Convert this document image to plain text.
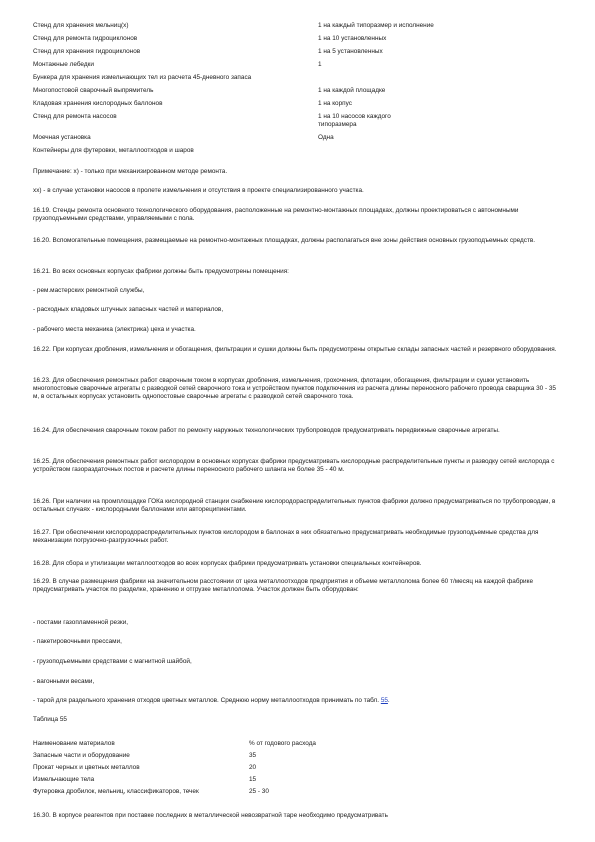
Стенд для хранения мельниц(х)	1 на каждый типоразмер и исполнение
Стенд для ремонта гидроциклонов	1 на 10 установленных
Стенд для хранения гидроциклонов	1 на 5 установленных
Монтажные лебедки	1
Бункера для хранения измельчающих тел из расчета 45-дневного запаса
Многопостовой сварочный выпрямитель	1 на каждой площадке
Кладовая хранения кислородных баллонов	1 на корпус
Стенд для ремонта насосов	1 на 10 насосов каждого типоразмера
Моечная установка	Одна
Контейнеры для футеровки, металлоотходов и шаров

Примечание: х) - только при механизированном методе ремонта.

хх) - в случае установки насосов в пролете измельчения и отсутствия в проекте специализированного участка.

16.19. Стенды ремонта основного технологического оборудования, расположенные на ремонтно-монтажных площадках, должны проектироваться с автономными грузоподъемными средствами, управляемыми с пола.

16.20. Вспомогательные помещения, размещаемые на ремонтно-монтажных площадках, должны располагаться вне зоны действия основных грузоподъемных средств.

16.21. Во всех основных корпусах фабрики должны быть предусмотрены помещения:

- рем.мастерских ремонтной службы,

- расходных кладовых штучных запасных частей и материалов,

- рабочего места механика (электрика) цеха и участка.

16.22. При корпусах дробления, измельчения и обогащения, фильтрации и сушки должны быть предусмотрены открытые склады запасных частей и резервного оборудования.

16.23. Для обеспечения ремонтных работ сварочным током в корпусах дробления, измельчения, грохочения, флотации, обогащения, фильтрации и сушки установить многопостовые сварочные агрегаты с разводкой сетей сварочного тока и устройством пунктов подключения из расчета длины переносного рабочего провода сварщика 30 - 35 м, в остальных корпусах установить однопостовые сварочные агрегаты с разводкой сетей сварочного тока.

16.24. Для обеспечения сварочным током работ по ремонту наружных технологических трубопроводов предусматривать передвижные сварочные агрегаты.

16.25. Для обеспечения ремонтных работ кислородом в основных корпусах фабрики предусматривать кислородные распределительные пункты и разводку сетей кислорода с устройством газораздаточных постов и расчете длины переносного рабочего шланга не более 35 - 40 м.

16.26. При наличии на промплощадке ГОКа кислородной станции снабжение кислородораспределительных пунктов фабрики должно предусматриваться по трубопроводам, в остальных случаях - кислородными баллонами или автореципиентами.

16.27. При обеспечении кислородораспределительных пунктов кислородом в баллонах в них обязательно предусматривать необходимые грузоподъемные средства для механизации погрузочно-разгрузочных работ.

16.28. Для сбора и утилизации металлоотходов во всех корпусах фабрики предусматривать установки специальных контейнеров.

16.29. В случае размещения фабрики на значительном расстоянии от цеха металлоотходов предприятия и объеме металлолома более 60 т/месяц на каждой фабрике предусматривать участок по разделке, хранению и отгрузке металлолома. Участок должен быть оборудован:

- постами газопламенной резки,

- пакетировочными прессами,

- грузоподъемными средствами с магнитной шайбой,

- вагонными весами,

- тарой для раздельного хранения отходов цветных металлов. Среднюю норму металлоотходов принимать по табл. 55.

Таблица 55

Наименование материалов	% от годового расхода
Запасные части и оборудование	35
Прокат черных и цветных металлов	20
Измельчающие тела	15
Футеровка дробилок, мельниц, классификаторов, течек	25 - 30

16.30. В корпусе реагентов при поставке последних в металлической невозвратной таре необходимо предусматривать
